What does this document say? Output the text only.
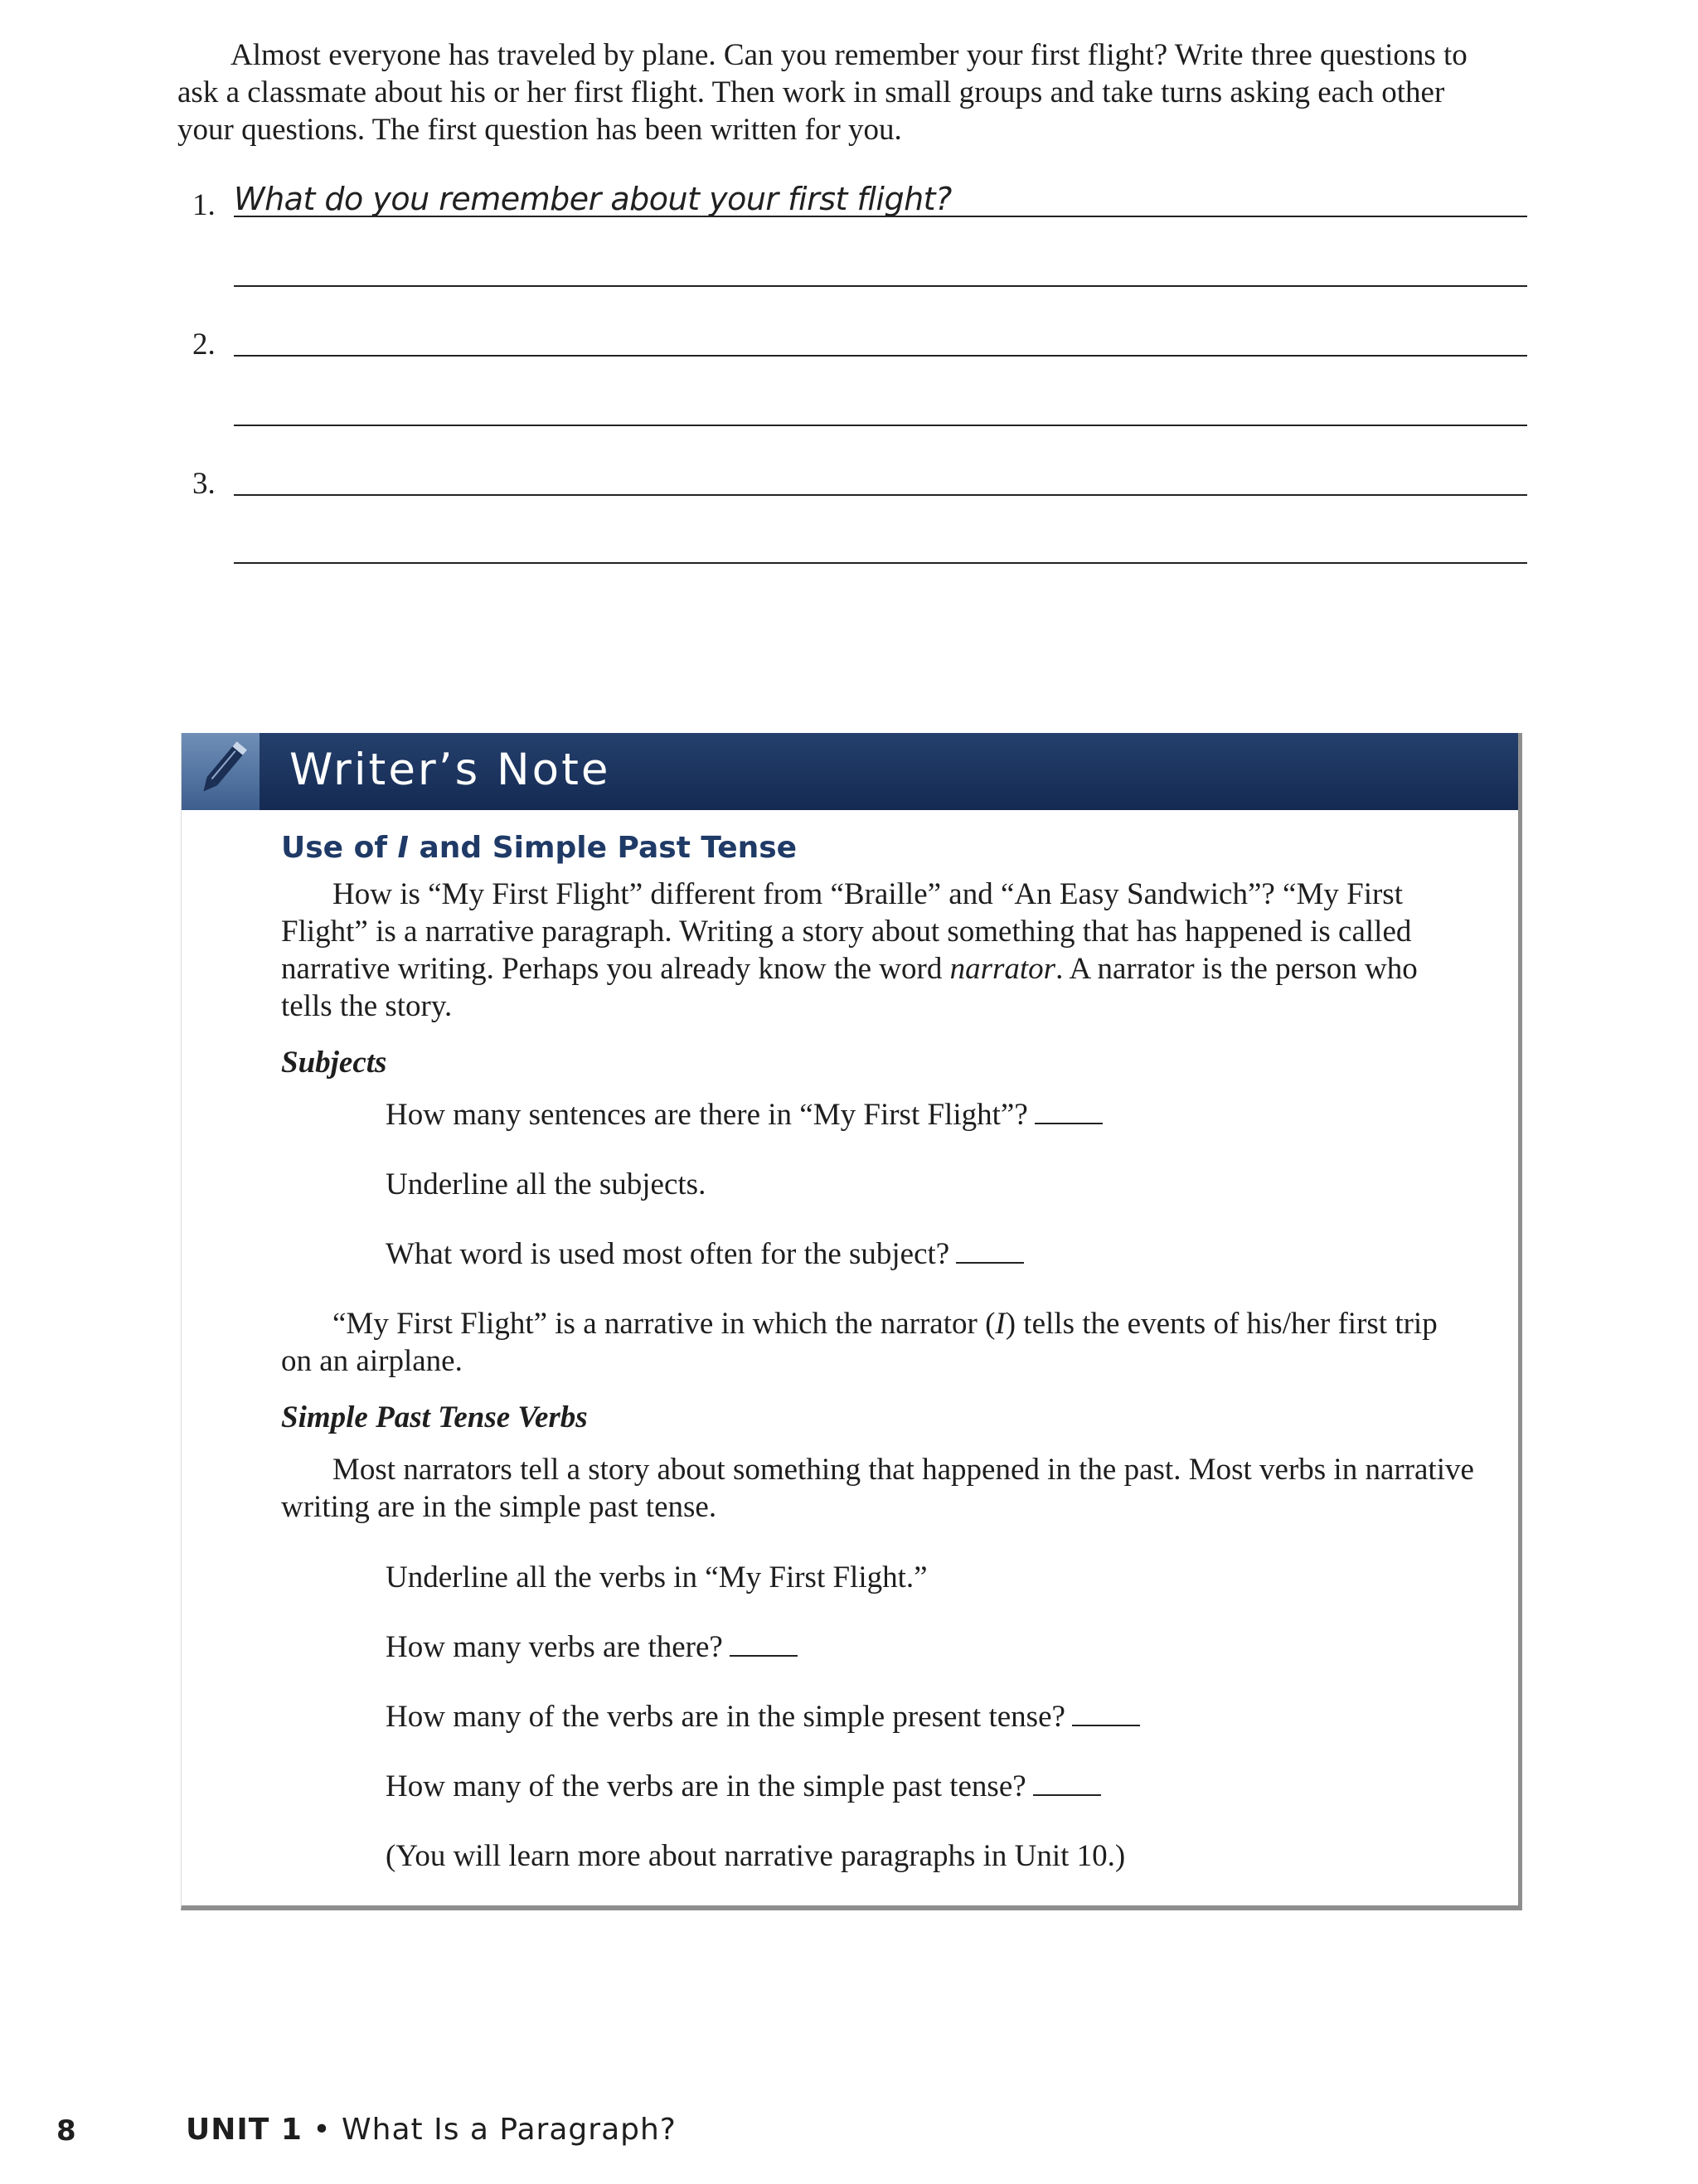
Almost everyone has traveled by plane. Can you remember your first flight? Write three questions to ask a classmate about his or her first flight. Then work in small groups and take turns asking each other your questions. The first question has been written for you.

1. What do you remember about your first flight?
2.
3.
Writer’s Note
Use of I and Simple Past Tense

How is “My First Flight” different from “Braille” and “An Easy Sandwich”? “My First Flight” is a narrative paragraph. Writing a story about something that has happened is called narrative writing. Perhaps you already know the word narrator. A narrator is the person who tells the story.

Subjects
How many sentences are there in “My First Flight”?
Underline all the subjects.
What word is used most often for the subject?

“My First Flight” is a narrative in which the narrator (I) tells the events of his/her first trip on an airplane.

Simple Past Tense Verbs

Most narrators tell a story about something that happened in the past. Most verbs in narrative writing are in the simple past tense.

Underline all the verbs in “My First Flight.”
How many verbs are there?
How many of the verbs are in the simple present tense?
How many of the verbs are in the simple past tense?
(You will learn more about narrative paragraphs in Unit 10.)
8	UNIT 1 • What Is a Paragraph?
